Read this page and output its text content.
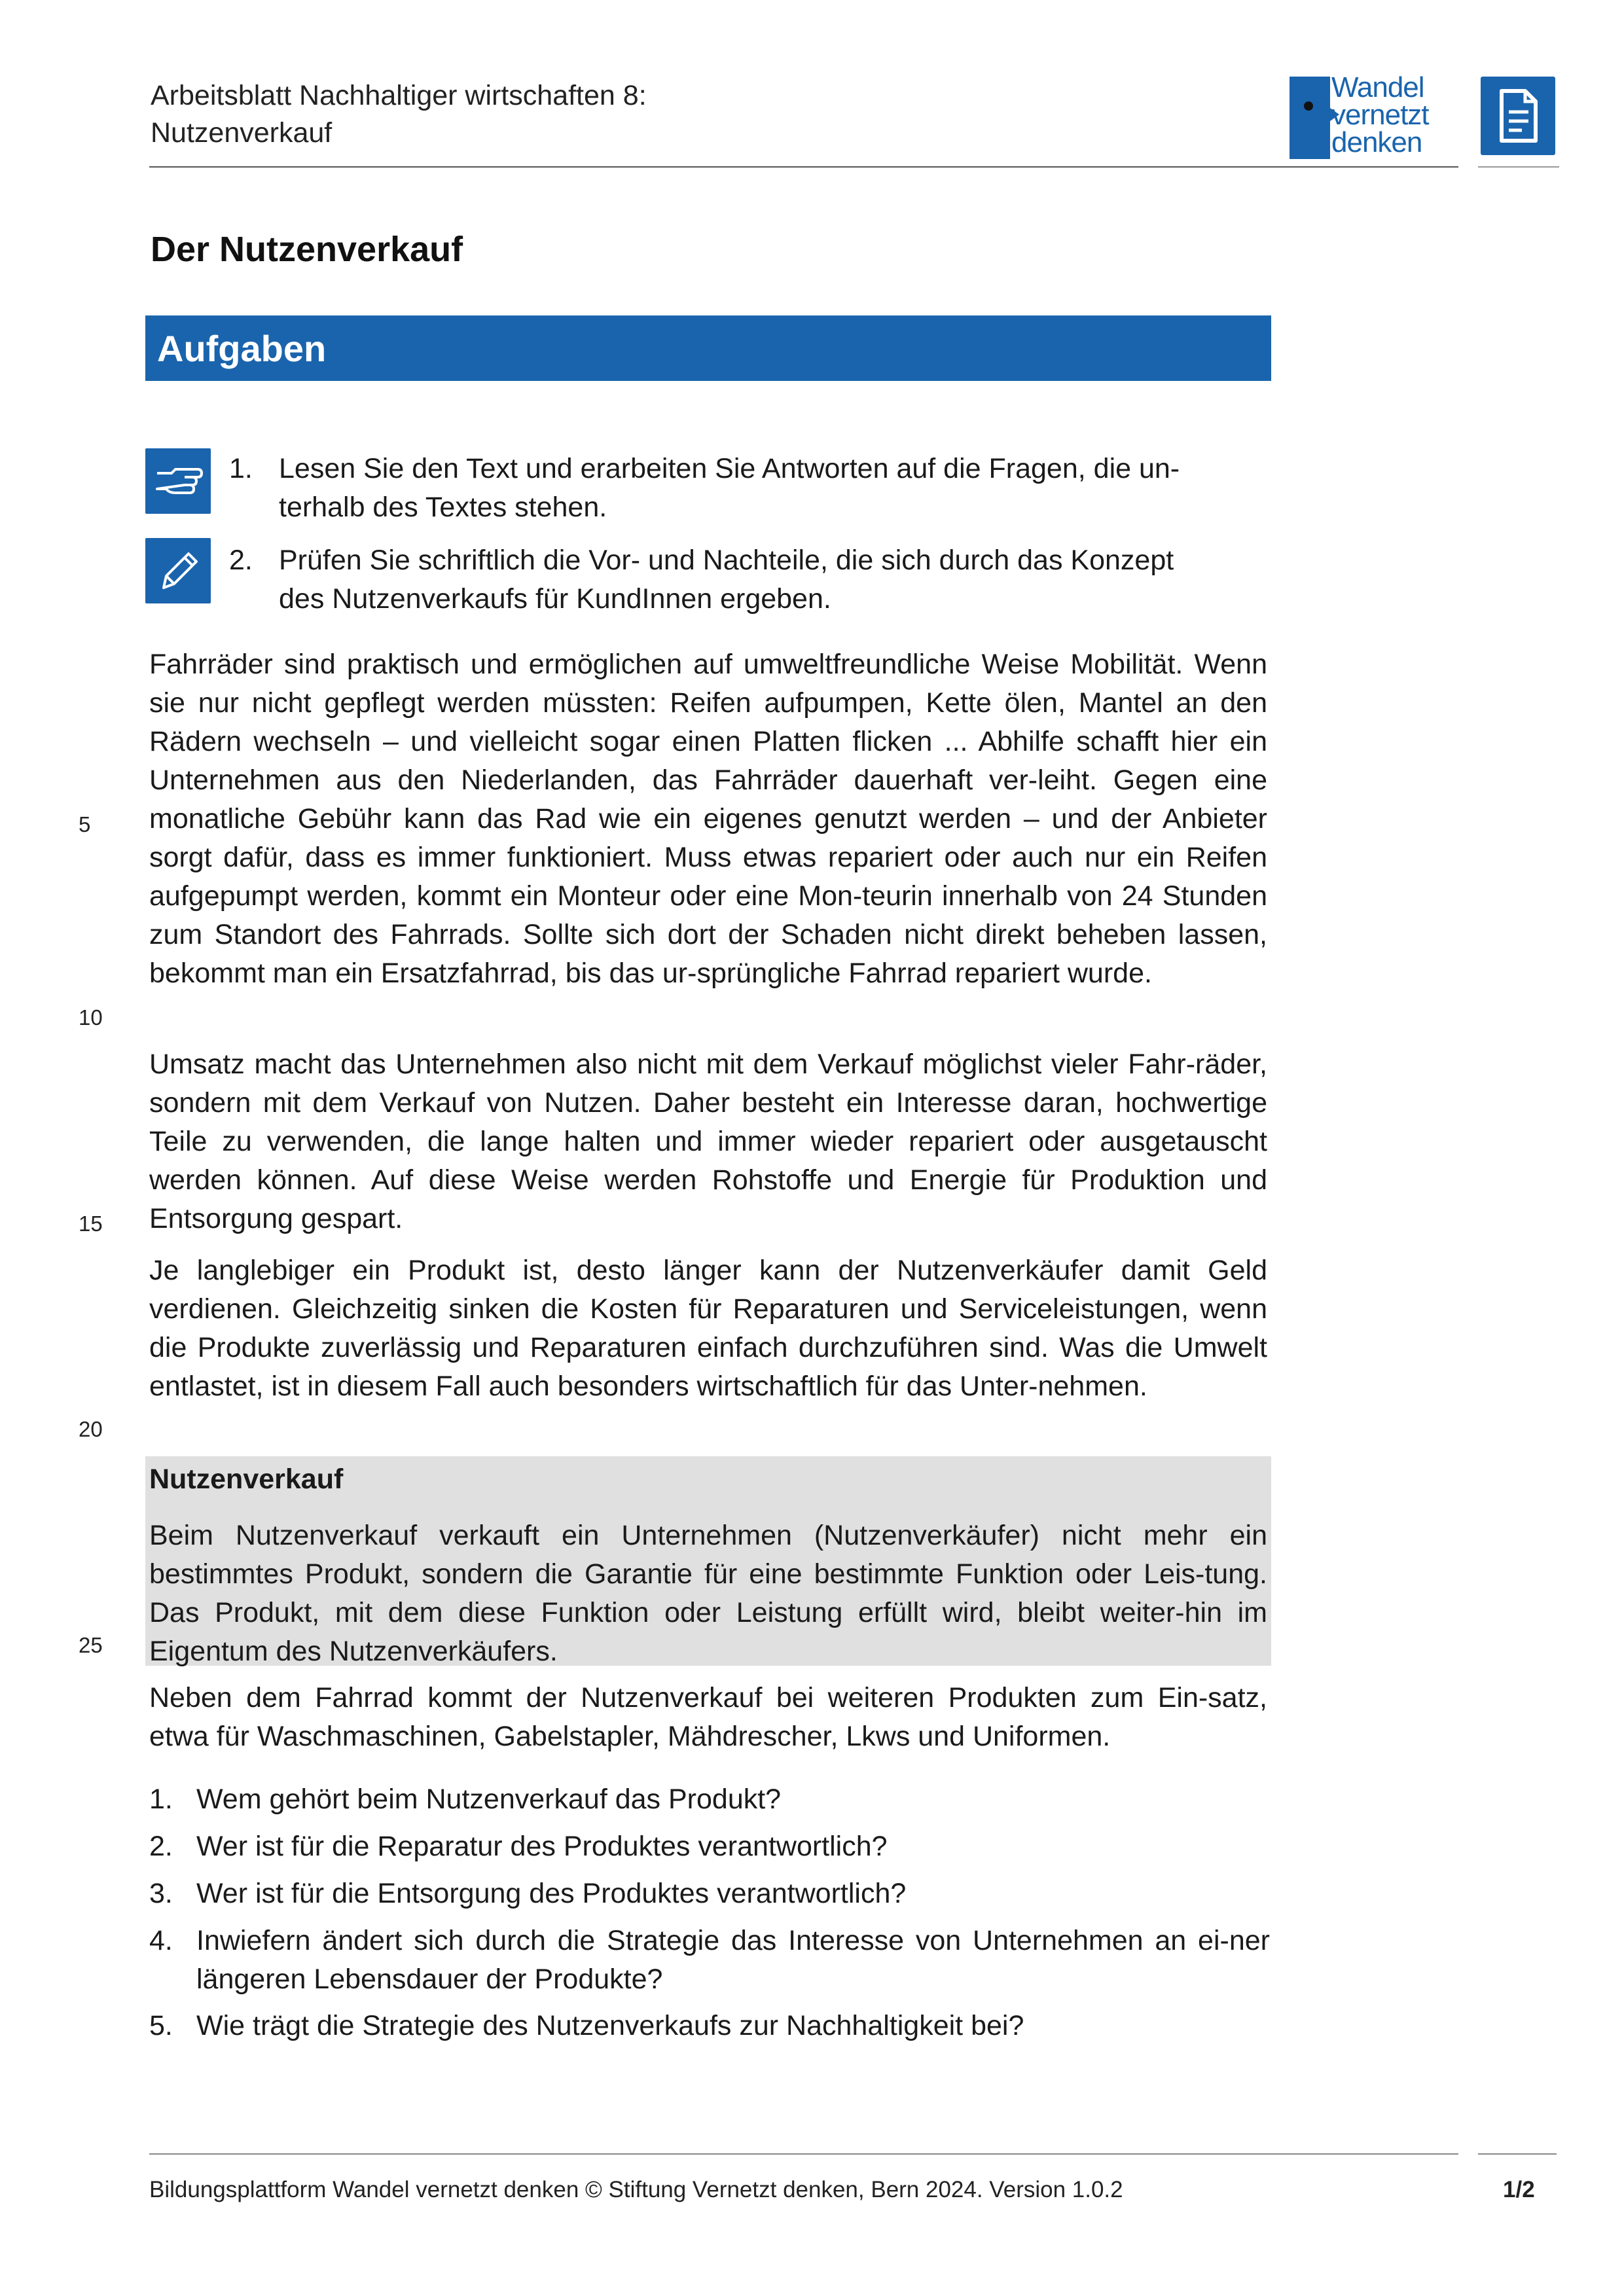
Arbeitsblatt Nachhaltiger wirtschaften 8:
Nutzenverkauf
Wandel
vernetzt
denken
Der Nutzenverkauf
Aufgaben
1. Lesen Sie den Text und erarbeiten Sie Antworten auf die Fragen, die un-
terhalb des Textes stehen.
2. Prüfen Sie schriftlich die Vor- und Nachteile, die sich durch das Konzept
des Nutzenverkaufs für KundInnen ergeben.
Fahrräder sind praktisch und ermöglichen auf umweltfreundliche Weise Mobilität. Wenn sie nur nicht gepflegt werden müssten: Reifen aufpumpen, Kette ölen, Mantel an den Rädern wechseln – und vielleicht sogar einen Platten flicken ... Abhilfe schafft hier ein Unternehmen aus den Niederlanden, das Fahrräder dauerhaft ver-leiht. Gegen eine monatliche Gebühr kann das Rad wie ein eigenes genutzt werden – und der Anbieter sorgt dafür, dass es immer funktioniert. Muss etwas repariert oder auch nur ein Reifen aufgepumpt werden, kommt ein Monteur oder eine Mon-teurin innerhalb von 24 Stunden zum Standort des Fahrrads. Sollte sich dort der Schaden nicht direkt beheben lassen, bekommt man ein Ersatzfahrrad, bis das ur-sprüngliche Fahrrad repariert wurde.
Umsatz macht das Unternehmen also nicht mit dem Verkauf möglichst vieler Fahr-räder, sondern mit dem Verkauf von Nutzen. Daher besteht ein Interesse daran, hochwertige Teile zu verwenden, die lange halten und immer wieder repariert oder ausgetauscht werden können. Auf diese Weise werden Rohstoffe und Energie für Produktion und Entsorgung gespart.
Je langlebiger ein Produkt ist, desto länger kann der Nutzenverkäufer damit Geld verdienen. Gleichzeitig sinken die Kosten für Reparaturen und Serviceleistungen, wenn die Produkte zuverlässig und Reparaturen einfach durchzuführen sind. Was die Umwelt entlastet, ist in diesem Fall auch besonders wirtschaftlich für das Unter-nehmen.
Nutzenverkauf
Beim Nutzenverkauf verkauft ein Unternehmen (Nutzenverkäufer) nicht mehr ein bestimmtes Produkt, sondern die Garantie für eine bestimmte Funktion oder Leis-tung. Das Produkt, mit dem diese Funktion oder Leistung erfüllt wird, bleibt weiter-hin im Eigentum des Nutzenverkäufers.
Neben dem Fahrrad kommt der Nutzenverkauf bei weiteren Produkten zum Ein-satz, etwa für Waschmaschinen, Gabelstapler, Mähdrescher, Lkws und Uniformen.
1. Wem gehört beim Nutzenverkauf das Produkt?
2. Wer ist für die Reparatur des Produktes verantwortlich?
3. Wer ist für die Entsorgung des Produktes verantwortlich?
4. Inwiefern ändert sich durch die Strategie das Interesse von Unternehmen an ei-ner längeren Lebensdauer der Produkte?
5. Wie trägt die Strategie des Nutzenverkaufs zur Nachhaltigkeit bei?
5
10
15
20
25
Bildungsplattform Wandel vernetzt denken © Stiftung Vernetzt denken, Bern 2024. Version 1.0.2	1/2
